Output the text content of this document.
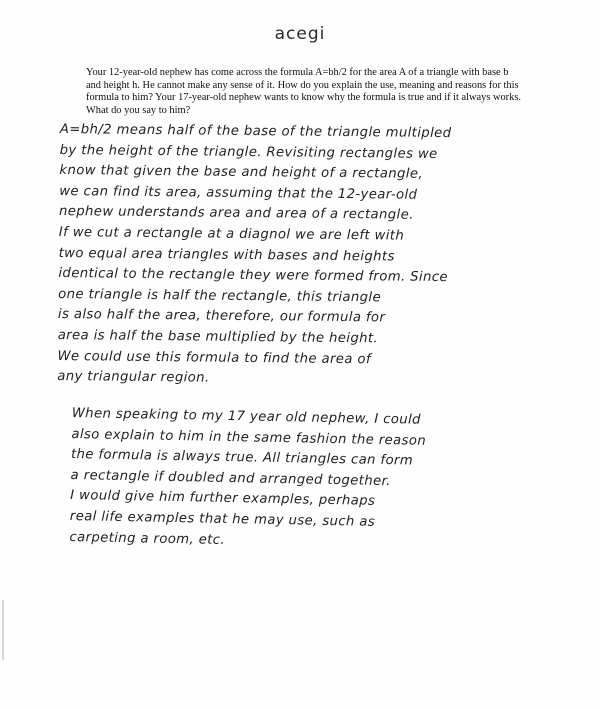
acegi
Your 12-year-old nephew has come across the formula A=bh/2 for the area A of a triangle with base b and height h. He cannot make any sense of it. How do you explain the use, meaning and reasons for this formula to him? Your 17-year-old nephew wants to know why the formula is true and if it always works. What do you say to him?
A=bh/2 means half of the base of the triangle multipled
by the height of the triangle. Revisiting rectangles we
know that given the base and height of a rectangle,
we can find its area, assuming that the 12-year-old
nephew understands area and area of a rectangle.
If we cut a rectangle at a diagnol we are left with
two equal area triangles with bases and heights
identical to the rectangle they were formed from. Since
one triangle is half the rectangle, this triangle
is also half the area, therefore, our formula for
area is half the base multiplied by the height.
We could use this formula to find the area of
any triangular region.
When speaking to my 17 year old nephew, I could
also explain to him in the same fashion the reason
the formula is always true. All triangles can form
a rectangle if doubled and arranged together.
I would give him further examples, perhaps
real life examples that he may use, such as
carpeting a room, etc.
